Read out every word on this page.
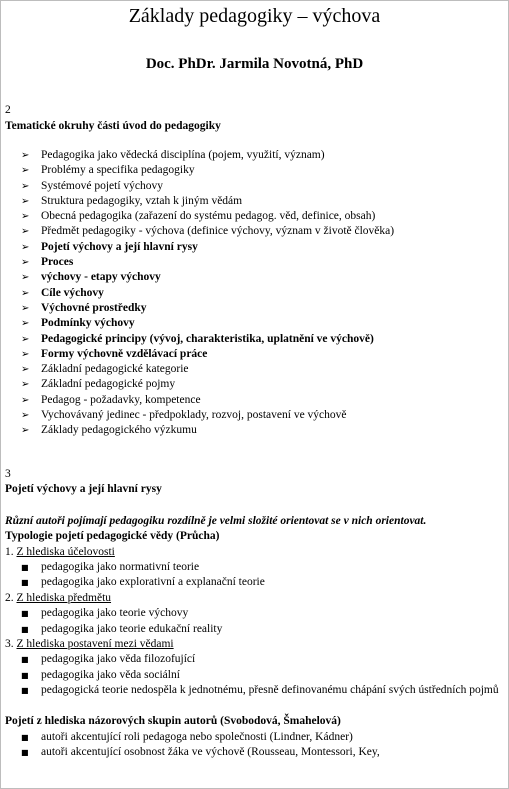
Základy pedagogiky – výchova
Doc. PhDr. Jarmila Novotná, PhD
2
Tematické okruhy části úvod do pedagogiky
➢	Pedagogika jako vědecká disciplína (pojem, využití, význam)
➢	Problémy a specifika pedagogiky
➢	Systémové pojetí výchovy
➢	Struktura pedagogiky, vztah k jiným vědám
➢	Obecná pedagogika (zařazení do systému pedagog. věd, definice, obsah)
➢	Předmět pedagogiky - výchova (definice výchovy, význam v životě člověka)
➢	Pojetí výchovy a její hlavní rysy
➢	Proces
➢	výchovy - etapy výchovy
➢	Cíle výchovy
➢	Výchovné prostředky
➢	Podmínky výchovy
➢	Pedagogické principy (vývoj, charakteristika, uplatnění ve výchově)
➢	Formy výchovně vzdělávací práce
➢	Základní pedagogické kategorie
➢	Základní pedagogické pojmy
➢	Pedagog - požadavky, kompetence
➢	Vychovávaný jedinec - předpoklady, rozvoj, postavení ve výchově
➢	Základy pedagogického výzkumu
3
Pojetí výchovy a její hlavní rysy
Různí autoři pojímají pedagogiku rozdílně je velmi složité orientovat se v nich orientovat.
Typologie pojetí pedagogické vědy (Průcha)
1. Z hlediska účelovosti
■	pedagogika jako normativní teorie
■	pedagogika jako explorativní a explanační teorie
2. Z hlediska předmětu
■	pedagogika jako teorie výchovy
■	pedagogika jako teorie edukační reality
3. Z hlediska postavení mezi vědami
■	pedagogika jako věda filozofující
■	pedagogika jako věda sociální
■	pedagogická teorie nedospěla k jednotnému, přesně definovanému chápání svých ústředních pojmů
Pojetí z hlediska názorových skupin autorů (Svobodová, Šmahelová)
■	autoři akcentující roli pedagoga nebo společnosti (Lindner, Kádner)
■	autoři akcentující osobnost žáka ve výchově (Rousseau, Montessori, Key,
